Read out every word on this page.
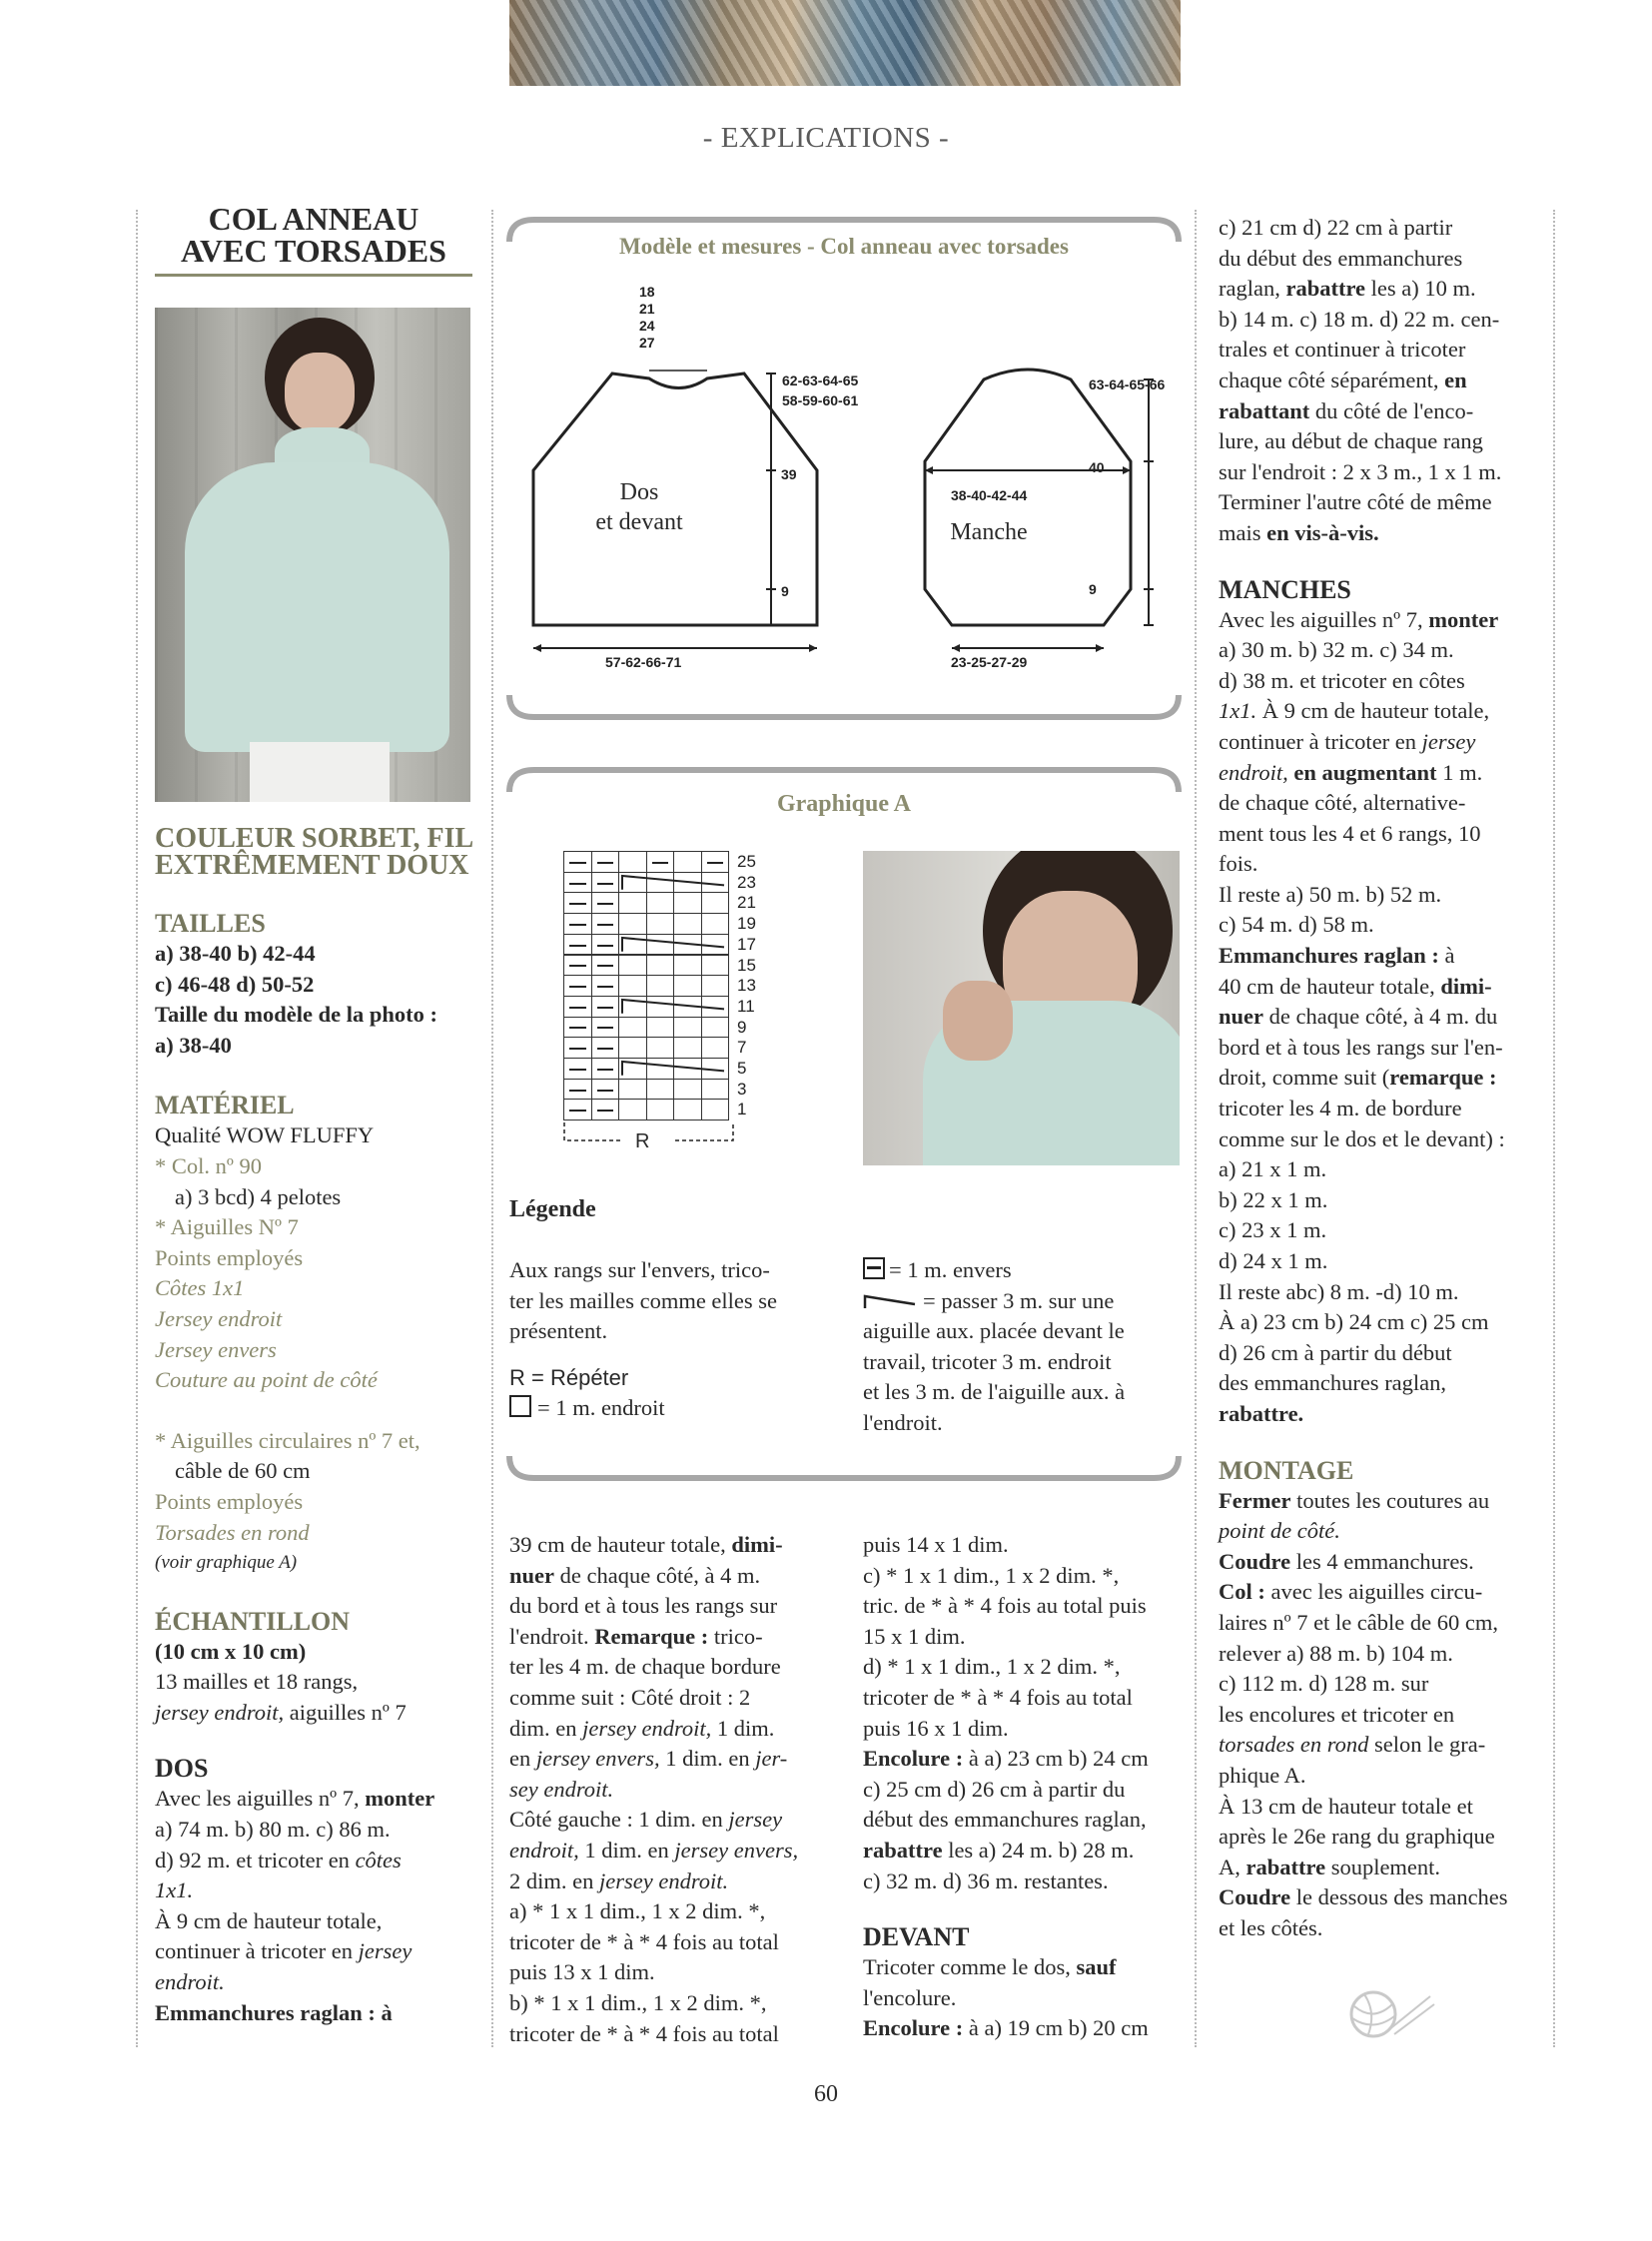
- EXPLICATIONS -
COL ANNEAU
AVEC TORSADES
COULEUR SORBET, FIL
EXTRÊMEMENT DOUX
TAILLES

a) 38-40 b) 42-44

c) 46-48 d) 50-52

Taille du modèle de la photo :

a) 38-40

MATÉRIEL

Qualité WOW FLUFFY

* Col. nº 90

a) 3 bcd) 4 pelotes

* Aiguilles Nº 7

Points employés

Côtes 1x1

Jersey endroit

Jersey envers

Couture au point de côté

* Aiguilles circulaires nº 7 et,

câble de 60 cm

Points employés

Torsades en rond

(voir graphique A)

ÉCHANTILLON

(10 cm x 10 cm)

13 mailles et 18 rangs,

jersey endroit, aiguilles nº 7

DOS

Avec les aiguilles nº 7, monter

a) 74 m. b) 80 m. c) 86 m.

d) 92 m. et tricoter en côtes

1x1.

À 9 cm de hauteur totale,

continuer à tricoter en jersey

endroit.

Emmanchures raglan : à

Modèle et mesures - Col anneau avec torsades
18
21
24
27
62-63-64-65
58-59-60-61
39
9
57-62-66-71
Dos
et devant
63-64-65-66
40
9
38-40-42-44
Manche
23-25-27-29
Graphique A
25
23
21
19
17
15
13
11
9
7
5
3
1
R
Légende

Aux rangs sur l'envers, trico-

ter les mailles comme elles se

présentent.

R = Répéter

= 1 m. endroit

= 1 m. envers

= passer 3 m. sur une

aiguille aux. placée devant le

travail, tricoter 3 m. endroit

et les 3 m. de l'aiguille aux. à

l'endroit.

39 cm de hauteur totale, dimi-

nuer de chaque côté, à 4 m.

du bord et à tous les rangs sur

l'endroit. Remarque : trico-

ter les 4 m. de chaque bordure

comme suit : Côté droit : 2

dim. en jersey endroit, 1 dim.

en jersey envers, 1 dim. en jer-

sey endroit.

Côté gauche : 1 dim. en jersey

endroit, 1 dim. en jersey envers,

2 dim. en jersey endroit.

a) * 1 x 1 dim., 1 x 2 dim. *,

tricoter de * à * 4 fois au total

puis 13 x 1 dim.

b) * 1 x 1 dim., 1 x 2 dim. *,

tricoter de * à * 4 fois au total

puis 14 x 1 dim.

c) * 1 x 1 dim., 1 x 2 dim. *,

tric. de * à * 4 fois au total puis

15 x 1 dim.

d) * 1 x 1 dim., 1 x 2 dim. *,

tricoter de * à * 4 fois au total

puis 16 x 1 dim.

Encolure : à a) 23 cm b) 24 cm

c) 25 cm d) 26 cm à partir du

début des emmanchures raglan,

rabattre les a) 24 m. b) 28 m.

c) 32 m. d) 36 m. restantes.

DEVANT

Tricoter comme le dos, sauf

l'encolure.

Encolure : à a) 19 cm b) 20 cm

c) 21 cm d) 22 cm à partir

du début des emmanchures

raglan, rabattre les a) 10 m.

b) 14 m. c) 18 m. d) 22 m. cen-

trales et continuer à tricoter

chaque côté séparément, en

rabattant du côté de l'enco-

lure, au début de chaque rang

sur l'endroit : 2 x 3 m., 1 x 1 m.

Terminer l'autre côté de même

mais en vis-à-vis.

MANCHES

Avec les aiguilles nº 7, monter

a) 30 m. b) 32 m. c) 34 m.

d) 38 m. et tricoter en côtes

1x1. À 9 cm de hauteur totale,

continuer à tricoter en jersey

endroit, en augmentant 1 m.

de chaque côté, alternative-

ment tous les 4 et 6 rangs, 10

fois.

Il reste a) 50 m. b) 52 m.

c) 54 m. d) 58 m.

Emmanchures raglan : à

40 cm de hauteur totale, dimi-

nuer de chaque côté, à 4 m. du

bord et à tous les rangs sur l'en-

droit, comme suit (remarque :

tricoter les 4 m. de bordure

comme sur le dos et le devant) :

a) 21 x 1 m.

b) 22 x 1 m.

c) 23 x 1 m.

d) 24 x 1 m.

Il reste abc) 8 m. -d) 10 m.

À a) 23 cm b) 24 cm c) 25 cm

d) 26 cm à partir du début

des emmanchures raglan,

rabattre.

MONTAGE

Fermer toutes les coutures au

point de côté.

Coudre les 4 emmanchures.

Col : avec les aiguilles circu-

laires nº 7 et le câble de 60 cm,

relever a) 88 m. b) 104 m.

c) 112 m. d) 128 m. sur

les encolures et tricoter en

torsades en rond selon le gra-

phique A.

À 13 cm de hauteur totale et

après le 26e rang du graphique

A, rabattre souplement.

Coudre le dessous des manches

et les côtés.

60
